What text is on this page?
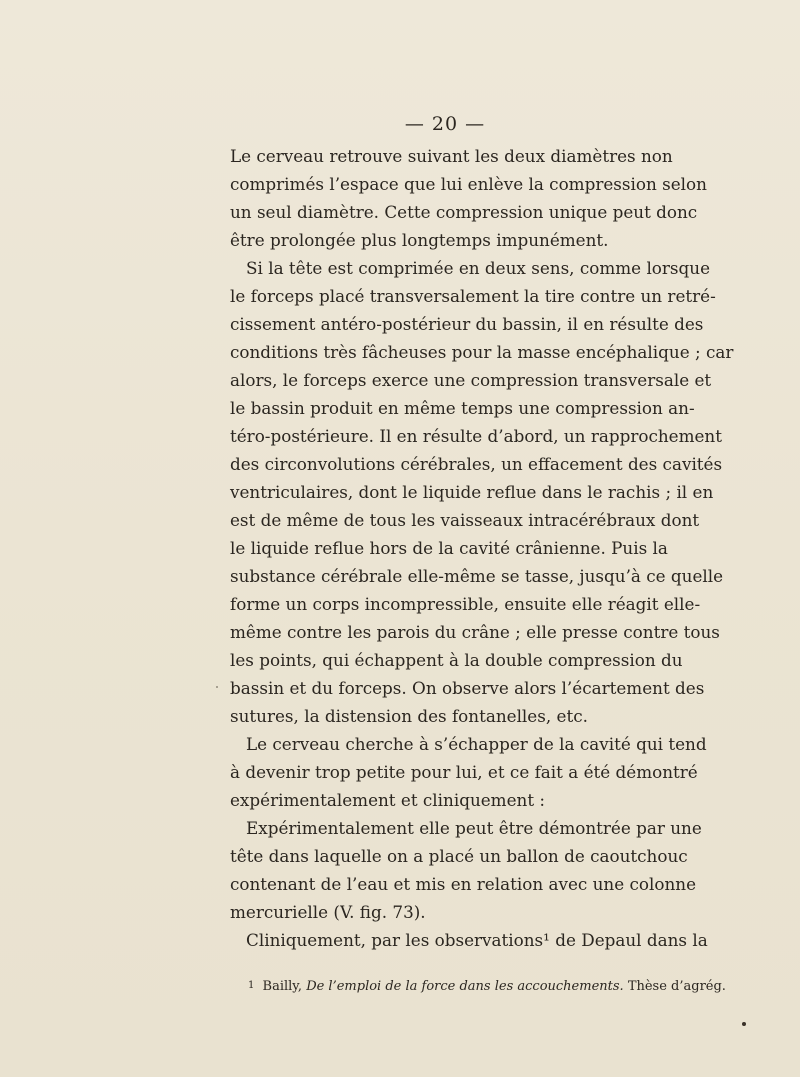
— 20 —
Le cerveau retrouve suivant les deux diamètres non
comprimés l’espace que lui enlève la compression selon
un seul diamètre. Cette compression unique peut donc
être prolongée plus longtemps impunément.
Si la tête est comprimée en deux sens, comme lorsque
le forceps placé transversalement la tire contre un retré-
cissement antéro-postérieur du bassin, il en résulte des
conditions très fâcheuses pour la masse encéphalique ; car
alors, le forceps exerce une compression transversale et
le bassin produit en même temps une compression an-
téro-postérieure. Il en résulte d’abord, un rapprochement
des circonvolutions cérébrales, un effacement des cavités
ventriculaires, dont le liquide reflue dans le rachis ; il en
est de même de tous les vaisseaux intracérébraux dont
le liquide reflue hors de la cavité crânienne. Puis la
substance cérébrale elle-même se tasse, jusqu’à ce quelle
forme un corps incompressible, ensuite elle réagit elle-
même contre les parois du crâne ; elle presse contre tous
les points, qui échappent à la double compression du
bassin et du forceps. On observe alors l’écartement des
sutures, la distension des fontanelles, etc.
Le cerveau cherche à s’échapper de la cavité qui tend
à devenir trop petite pour lui, et ce fait a été démontré
expérimentalement et cliniquement :
Expérimentalement elle peut être démontrée par une
tête dans laquelle on a placé un ballon de caoutchouc
contenant de l’eau et mis en relation avec une colonne
mercurielle (V. fig. 73).
Cliniquement, par les observations¹ de Depaul dans la
1 Bailly, De l’emploi de la force dans les accouchements. Thèse d’agrég.
